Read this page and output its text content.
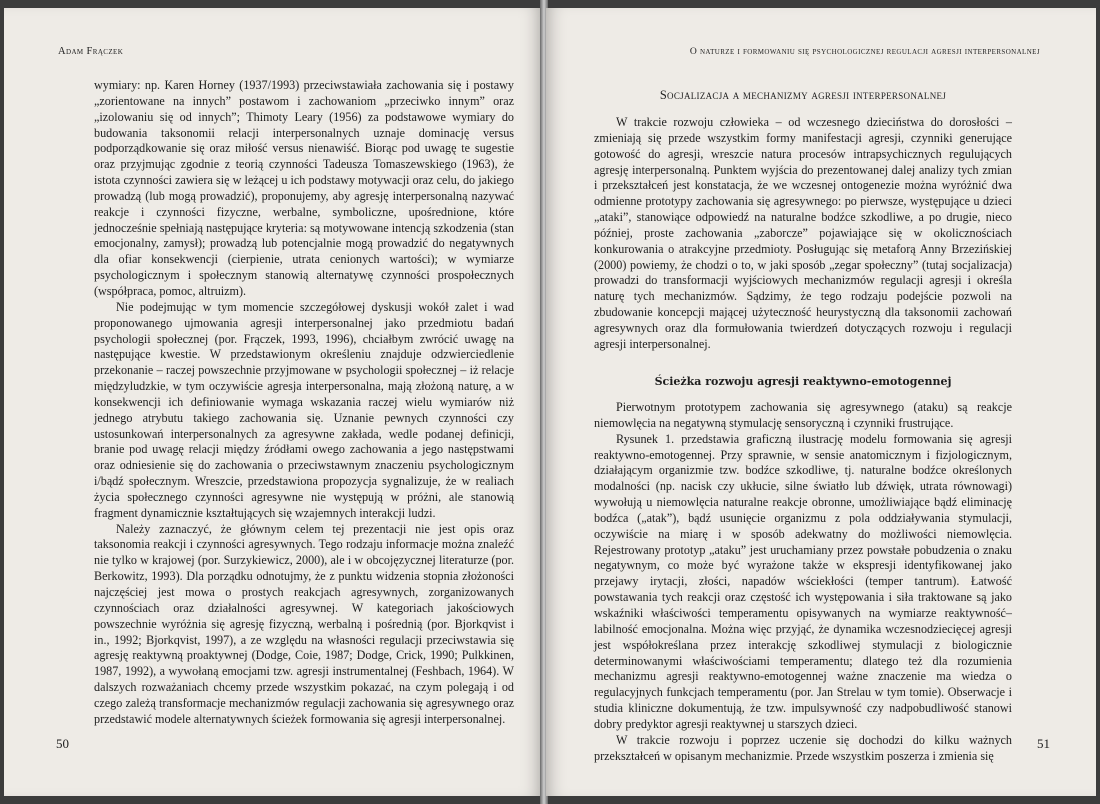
Adam Frączek

wymiary: np. Karen Horney (1937/1993) przeciwstawiała zachowania się i postawy „zorientowane na innych” postawom i zachowaniom „przeciwko innym” oraz „izolowaniu się od innych”; Thimoty Leary (1956) za podstawowe wymiary do budowania taksonomii relacji interpersonalnych uznaje dominację versus podporządkowanie się oraz miłość versus nienawiść. Biorąc pod uwagę te sugestie oraz przyjmując zgodnie z teorią czynności Tadeusza Tomaszewskiego (1963), że istota czynności zawiera się w leżącej u ich podstawy motywacji oraz celu, do jakiego prowadzą (lub mogą prowadzić), proponujemy, aby agresję interpersonalną nazywać reakcje i czynności fizyczne, werbalne, symboliczne, upośrednione, które jednocześnie spełniają następujące kryteria: są motywowane intencją szkodzenia (stan emocjonalny, zamysł); prowadzą lub potencjalnie mogą prowadzić do negatywnych dla ofiar konsekwencji (cierpienie, utrata cenionych wartości); w wymiarze psychologicznym i społecznym stanowią alternatywę czynności prospołecznych (współpraca, pomoc, altruizm).

Nie podejmując w tym momencie szczegółowej dyskusji wokół zalet i wad proponowanego ujmowania agresji interpersonalnej jako przedmiotu badań psychologii społecznej (por. Frączek, 1993, 1996), chciałbym zwrócić uwagę na następujące kwestie. W przedstawionym określeniu znajduje odzwierciedlenie przekonanie – raczej powszechnie przyjmowane w psychologii społecznej – iż relacje międzyludzkie, w tym oczywiście agresja interpersonalna, mają złożoną naturę, a w konsekwencji ich definiowanie wymaga wskazania raczej wielu wymiarów niż jednego atrybutu takiego zachowania się. Uznanie pewnych czynności czy ustosunkowań interpersonalnych za agresywne zakłada, wedle podanej definicji, branie pod uwagę relacji między źródłami owego zachowania a jego następstwami oraz odniesienie się do zachowania o przeciwstawnym znaczeniu psychologicznym i/bądź społecznym. Wreszcie, przedstawiona propozycja sygnalizuje, że w realiach życia społecznego czynności agresywne nie występują w próżni, ale stanowią fragment dynamicznie kształtujących się wzajemnych interakcji ludzi.

Należy zaznaczyć, że głównym celem tej prezentacji nie jest opis oraz taksonomia reakcji i czynności agresywnych. Tego rodzaju informacje można znaleźć nie tylko w krajowej (por. Surzykiewicz, 2000), ale i w obcojęzycznej literaturze (por. Berkowitz, 1993). Dla porządku odnotujmy, że z punktu widzenia stopnia złożoności najczęściej jest mowa o prostych reakcjach agresywnych, zorganizowanych czynnościach oraz działalności agresywnej. W kategoriach jakościowych powszechnie wyróżnia się agresję fizyczną, werbalną i pośrednią (por. Bjorkqvist i in., 1992; Bjorkqvist, 1997), a ze względu na własności regulacji przeciwstawia się agresję reaktywną proaktywnej (Dodge, Coie, 1987; Dodge, Crick, 1990; Pulkkinen, 1987, 1992), a wywołaną emocjami tzw. agresji instrumentalnej (Feshbach, 1964). W dalszych rozważaniach chcemy przede wszystkim pokazać, na czym polegają i od czego zależą transformacje mechanizmów regulacji zachowania się agresywnego oraz przedstawić modele alternatywnych ścieżek formowania się agresji interpersonalnej.

50
O naturze i formowaniu się psychologicznej regulacji agresji interpersonalnej
Socjalizacja a mechanizmy agresji interpersonalnej

W trakcie rozwoju człowieka – od wczesnego dzieciństwa do dorosłości – zmieniają się przede wszystkim formy manifestacji agresji, czynniki generujące gotowość do agresji, wreszcie natura procesów intrapsychicznych regulujących agresję interpersonalną. Punktem wyjścia do prezentowanej dalej analizy tych zmian i przekształceń jest konstatacja, że we wczesnej ontogenezie można wyróżnić dwa odmienne prototypy zachowania się agresywnego: po pierwsze, występujące u dzieci „ataki”, stanowiące odpowiedź na naturalne bodźce szkodliwe, a po drugie, nieco później, proste zachowania „zaborcze” pojawiające się w okolicznościach konkurowania o atrakcyjne przedmioty. Posługując się metaforą Anny Brzezińskiej (2000) powiemy, że chodzi o to, w jaki sposób „zegar społeczny” (tutaj socjalizacja) prowadzi do transformacji wyjściowych mechanizmów regulacji agresji i określa naturę tych mechanizmów. Sądzimy, że tego rodzaju podejście pozwoli na zbudowanie koncepcji mającej użyteczność heurystyczną dla taksonomii zachowań agresywnych oraz dla formułowania twierdzeń dotyczących rozwoju i regulacji agresji interpersonalnej.

Ścieżka rozwoju agresji reaktywno-emotogennej

Pierwotnym prototypem zachowania się agresywnego (ataku) są reakcje niemowlęcia na negatywną stymulację sensoryczną i czynniki frustrujące.

Rysunek 1. przedstawia graficzną ilustrację modelu formowania się agresji reaktywno-emotogennej. Przy sprawnie, w sensie anatomicznym i fizjologicznym, działającym organizmie tzw. bodźce szkodliwe, tj. naturalne bodźce określonych modalności (np. nacisk czy ukłucie, silne światło lub dźwięk, utrata równowagi) wywołują u niemowlęcia naturalne reakcje obronne, umożliwiające bądź eliminację bodźca („atak”), bądź usunięcie organizmu z pola oddziaływania stymulacji, oczywiście na miarę i w sposób adekwatny do możliwości niemowlęcia. Rejestrowany prototyp „ataku” jest uruchamiany przez powstałe pobudzenia o znaku negatywnym, co może być wyrażone także w ekspresji identyfikowanej jako przejawy irytacji, złości, napadów wściekłości (temper tantrum). Łatwość powstawania tych reakcji oraz częstość ich występowania i siła traktowane są jako wskaźniki właściwości temperamentu opisywanych na wymiarze reaktywność–labilność emocjonalna. Można więc przyjąć, że dynamika wczesnodziecięcej agresji jest współokreślana przez interakcję szkodliwej stymulacji z biologicznie determinowanymi właściwościami temperamentu; dlatego też dla rozumienia mechanizmu agresji reaktywno-emotogennej ważne znaczenie ma wiedza o regulacyjnych funkcjach temperamentu (por. Jan Strelau w tym tomie). Obserwacje i studia kliniczne dokumentują, że tzw. impulsywność czy nadpobudliwość stanowi dobry predyktor agresji reaktywnej u starszych dzieci.

W trakcie rozwoju i poprzez uczenie się dochodzi do kilku ważnych przekształceń w opisanym mechanizmie. Przede wszystkim poszerza i zmienia się

51
